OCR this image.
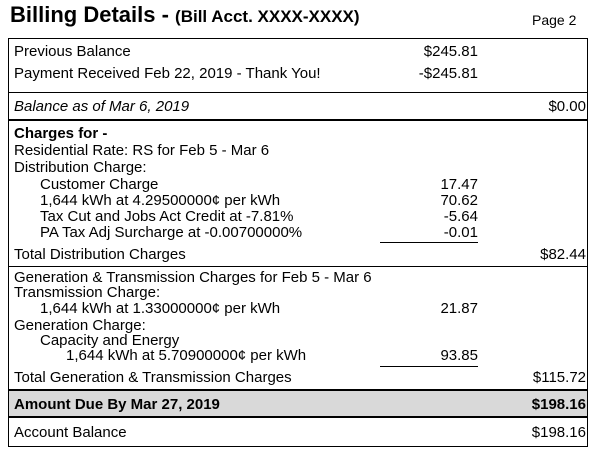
Billing Details - (Bill Acct. XXXX-XXXX)	Page 2
Previous Balance	$245.81
Payment Received Feb 22, 2019 - Thank You!	-$245.81
Balance as of Mar 6, 2019	$0.00
Charges for -
Residential Rate: RS for Feb 5 - Mar 6
Distribution Charge:
Customer Charge	17.47
1,644 kWh at 4.29500000¢ per kWh	70.62
Tax Cut and Jobs Act Credit at -7.81%	-5.64
PA Tax Adj Surcharge at -0.00700000%	-0.01
Total Distribution Charges	$82.44
Generation & Transmission Charges for Feb 5 - Mar 6
Transmission Charge:
1,644 kWh at 1.33000000¢ per kWh	21.87
Generation Charge:
Capacity and Energy
1,644 kWh at 5.70900000¢ per kWh	93.85
Total Generation & Transmission Charges	$115.72
Amount Due By Mar 27, 2019	$198.16
Account Balance	$198.16
